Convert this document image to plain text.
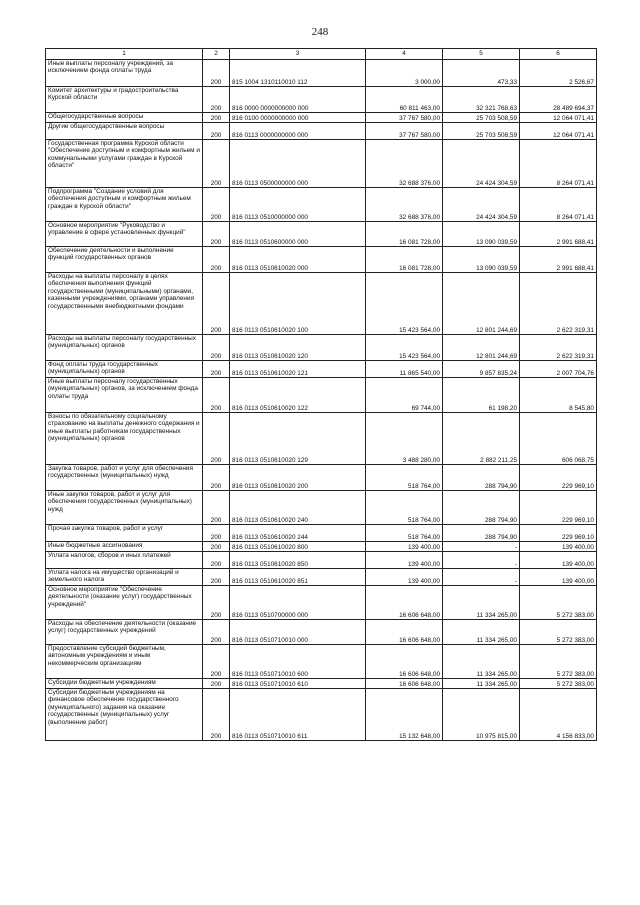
248
1	2	3	4	5	6
Иные выплаты персоналу учреждений, за исключением фонда оплаты труда	200	815 1004 1310110010 112	3 000,00	473,33	2 526,67
Комитет архитектуры и градостроительства Курской области	200	816 0000 0000000000 000	60 811 463,00	32 321 768,63	28 489 694,37
Общегосударственные вопросы	200	816 0100 0000000000 000	37 767 580,00	25 703 508,59	12 064 071,41
Другие общегосударственные вопросы	200	816 0113 0000000000 000	37 767 580,00	25 703 508,59	12 064 071,41
Государственная программа Курской области "Обеспечение доступным и комфортным жильем и коммунальными услугами граждан в Курской области"	200	816 0113 0500000000 000	32 688 376,00	24 424 304,59	8 264 071,41
Подпрограмма "Создание условий для обеспечения доступным и комфортным жильем граждан в Курской области"	200	816 0113 0510000000 000	32 688 376,00	24 424 304,59	8 264 071,41
Основное мероприятие "Руководство и управление в сфере установленных функций"	200	816 0113 0510600000 000	16 081 728,00	13 090 039,59	2 991 688,41
Обеспечение деятельности и выполнение функций государственных органов	200	816 0113 0510610020 000	16 081 728,00	13 090 039,59	2 991 688,41
Расходы на выплаты персоналу в целях обеспечения выполнения функций государственными (муниципальными) органами, казенными учреждениями, органами управления государственными внебюджетными фондами	200	816 0113 0510610020 100	15 423 564,00	12 801 244,69	2 622 319,31
Расходы на выплаты персоналу государственных (муниципальных) органов	200	816 0113 0510610020 120	15 423 564,00	12 801 244,69	2 622 319,31
Фонд оплаты труда государственных (муниципальных) органов	200	816 0113 0510610020 121	11 865 540,00	9 857 835,24	2 007 704,76
Иные выплаты персоналу государственных (муниципальных) органов, за исключением фонда оплаты труда	200	816 0113 0510610020 122	69 744,00	61 198,20	8 545,80
Взносы по обязательному социальному страхованию на выплаты денежного содержания и иные выплаты работникам государственных (муниципальных) органов	200	816 0113 0510610020 129	3 488 280,00	2 882 211,25	606 068,75
Закупка товаров, работ и услуг для обеспечения государственных (муниципальных) нужд	200	816 0113 0510610020 200	518 764,00	288 794,90	229 969,10
Иные закупки товаров, работ и услуг для обеспечения государственных (муниципальных) нужд	200	816 0113 0510610020 240	518 764,00	288 794,90	229 969,10
Прочая закупка товаров, работ и услуг	200	816 0113 0510610020 244	518 764,00	288 794,90	229 969,10
Иные бюджетные ассигнования	200	816 0113 0510610020 800	139 400,00	-	139 400,00
Уплата налогов, сборов и иных платежей	200	816 0113 0510610020 850	139 400,00	-	139 400,00
Уплата налога на имущество организаций и земельного налога	200	816 0113 0510610020 851	139 400,00	-	139 400,00
Основное мероприятие "Обеспечение деятельности (оказание услуг) государственных учреждений"	200	816 0113 0510700000 000	16 606 648,00	11 334 265,00	5 272 383,00
Расходы на обеспечение деятельности (оказание услуг) государственных учреждений	200	816 0113 0510710010 000	16 606 648,00	11 334 265,00	5 272 383,00
Предоставление субсидий бюджетным, автономным учреждениям и иным некоммерческим организациям	200	816 0113 0510710010 600	16 606 648,00	11 334 265,00	5 272 383,00
Субсидии бюджетным учреждениям	200	816 0113 0510710010 610	16 606 648,00	11 334 265,00	5 272 383,00
Субсидии бюджетным учреждениям на финансовое обеспечение государственного (муниципального) задания на оказание государственных (муниципальных) услуг (выполнение работ)	200	816 0113 0510710010 611	15 132 648,00	10 975 815,00	4 156 833,00
